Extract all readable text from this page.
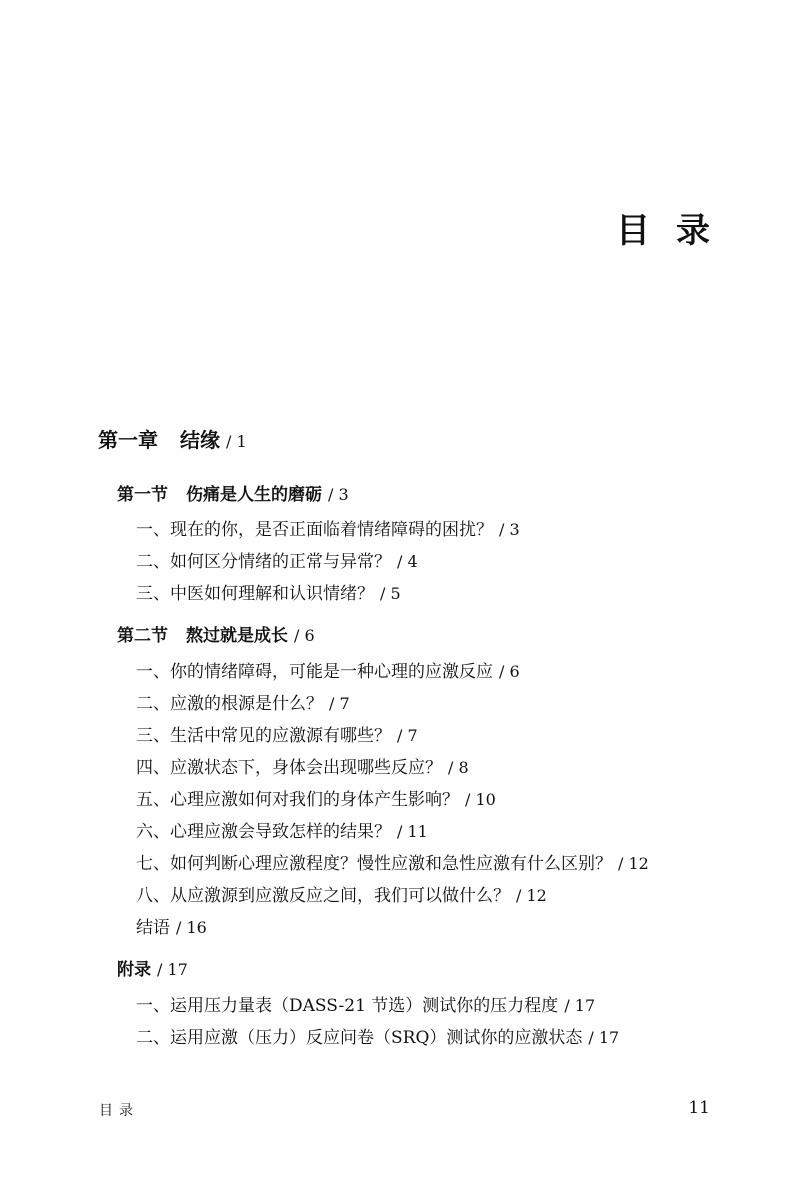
目录
第一章 结缘 / 1
第一节 伤痛是人生的磨砺 / 3
一、现在的你，是否正面临着情绪障碍的困扰？ / 3
二、如何区分情绪的正常与异常？ / 4
三、中医如何理解和认识情绪？ / 5
第二节 熬过就是成长 / 6
一、你的情绪障碍，可能是一种心理的应激反应 / 6
二、应激的根源是什么？ / 7
三、生活中常见的应激源有哪些？ / 7
四、应激状态下，身体会出现哪些反应？ / 8
五、心理应激如何对我们的身体产生影响？ / 10
六、心理应激会导致怎样的结果？ / 11
七、如何判断心理应激程度？慢性应激和急性应激有什么区别？ / 12
八、从应激源到应激反应之间，我们可以做什么？ / 12
结语 / 16
附录 / 17
一、运用压力量表（DASS-21 节选）测试你的压力程度 / 17
二、运用应激（压力）反应问卷（SRQ）测试你的应激状态 / 17
目录	11
